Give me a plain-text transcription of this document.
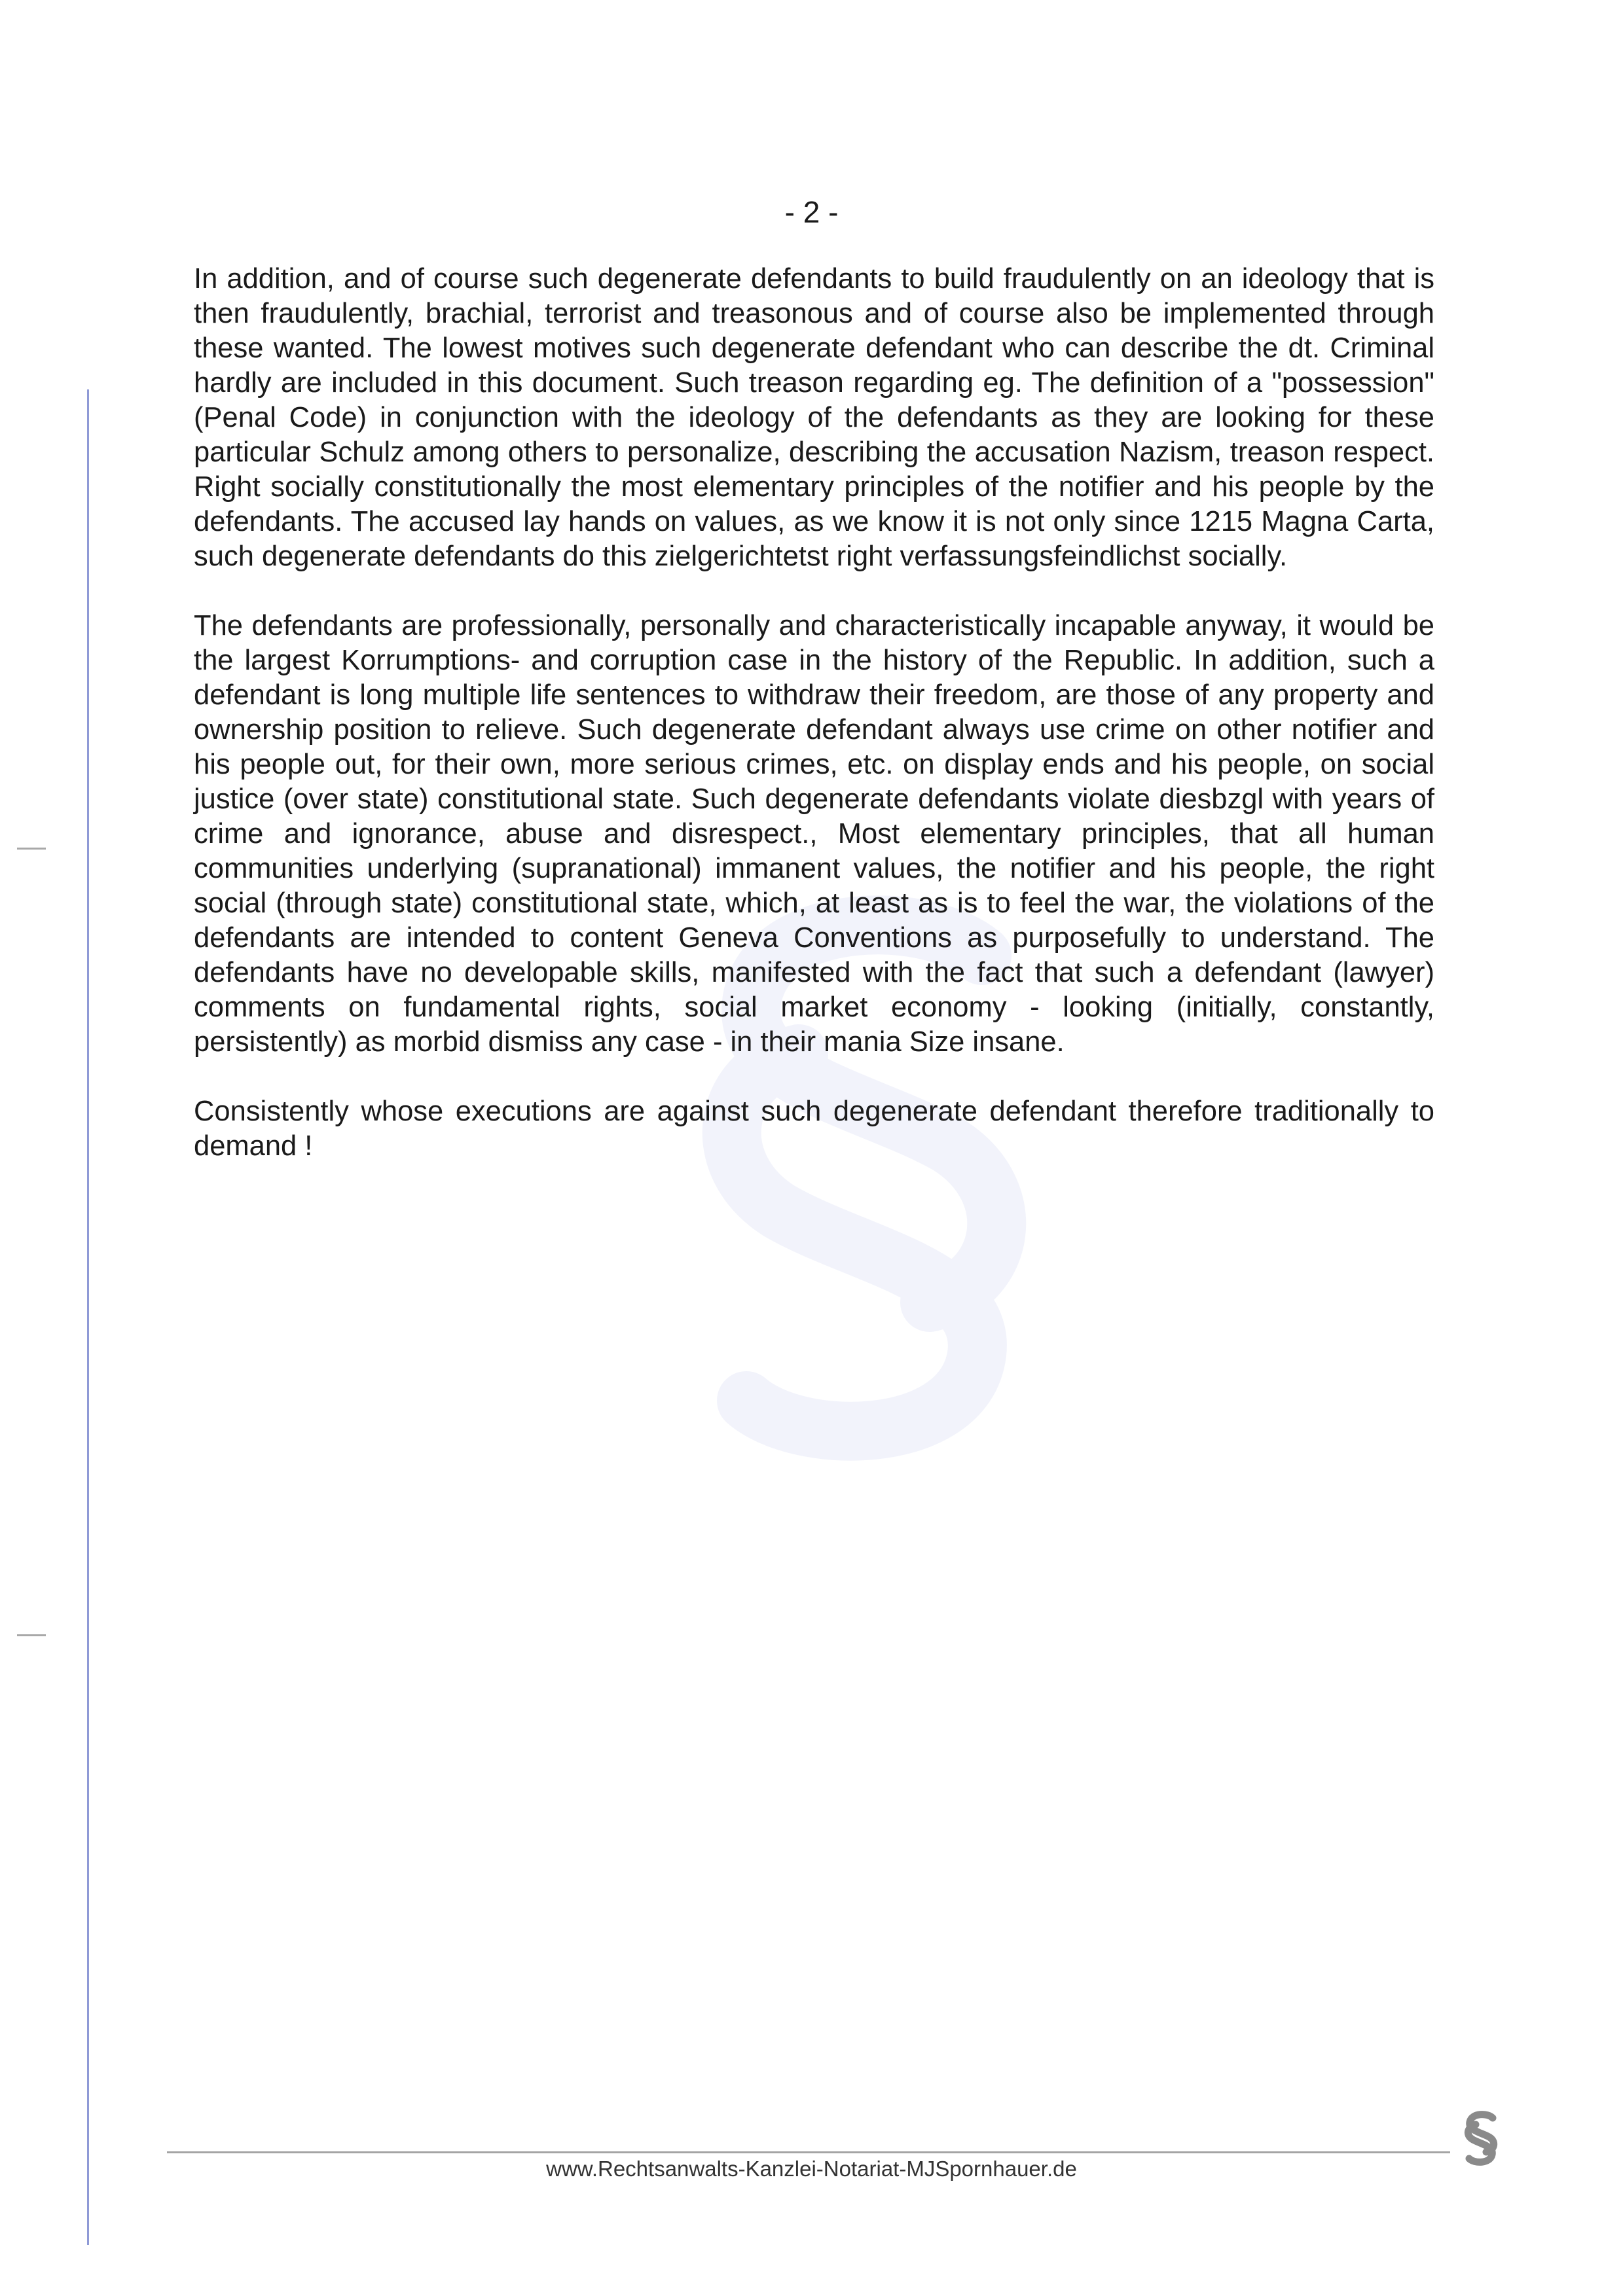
- 2 -

In addition, and of course such degenerate defendants to build fraudulently on an ideology that is then fraudulently, brachial, terrorist and treasonous and of course also be implemented through these wanted. The lowest motives such degenerate defendant who can describe the dt. Criminal hardly are included in this document. Such treason regarding eg. The definition of a "possession" (Penal Code) in conjunction with the ideology of the defendants as they are looking for these particular Schulz among others to personalize, describing the accusation Nazism, treason respect. Right socially constitutionally the most elementary principles of the notifier and his people by the defendants. The accused lay hands on values, as we know it is not only since 1215 Magna Carta, such degenerate defendants do this zielgerichtetst right verfassungsfeindlichst socially.

The defendants are professionally, personally and characteristically incapable anyway, it would be the largest Korrumptions- and corruption case in the history of the Republic. In addition, such a defendant is long multiple life sentences to withdraw their freedom, are those of any property and ownership position to relieve. Such degenerate defendant always use crime on other notifier and his people out, for their own, more serious crimes, etc. on display ends and his people, on social justice (over state) constitutional state. Such degenerate defendants violate diesbzgl with years of crime and ignorance, abuse and disrespect., Most elementary principles, that all human communities underlying (supranational) immanent values, the notifier and his people, the right social (through state) constitutional state, which, at least as is to feel the war, the violations of the defendants are intended to content Geneva Conventions as purposefully to understand. The defendants have no developable skills, manifested with the fact that such a defendant (lawyer) comments on fundamental rights, social market economy - looking (initially, constantly, persistently) as morbid dismiss any case - in their mania Size insane.

Consistently whose executions are against such degenerate defendant therefore traditionally to demand !

www.Rechtsanwalts-Kanzlei-Notariat-MJSpornhauer.de
